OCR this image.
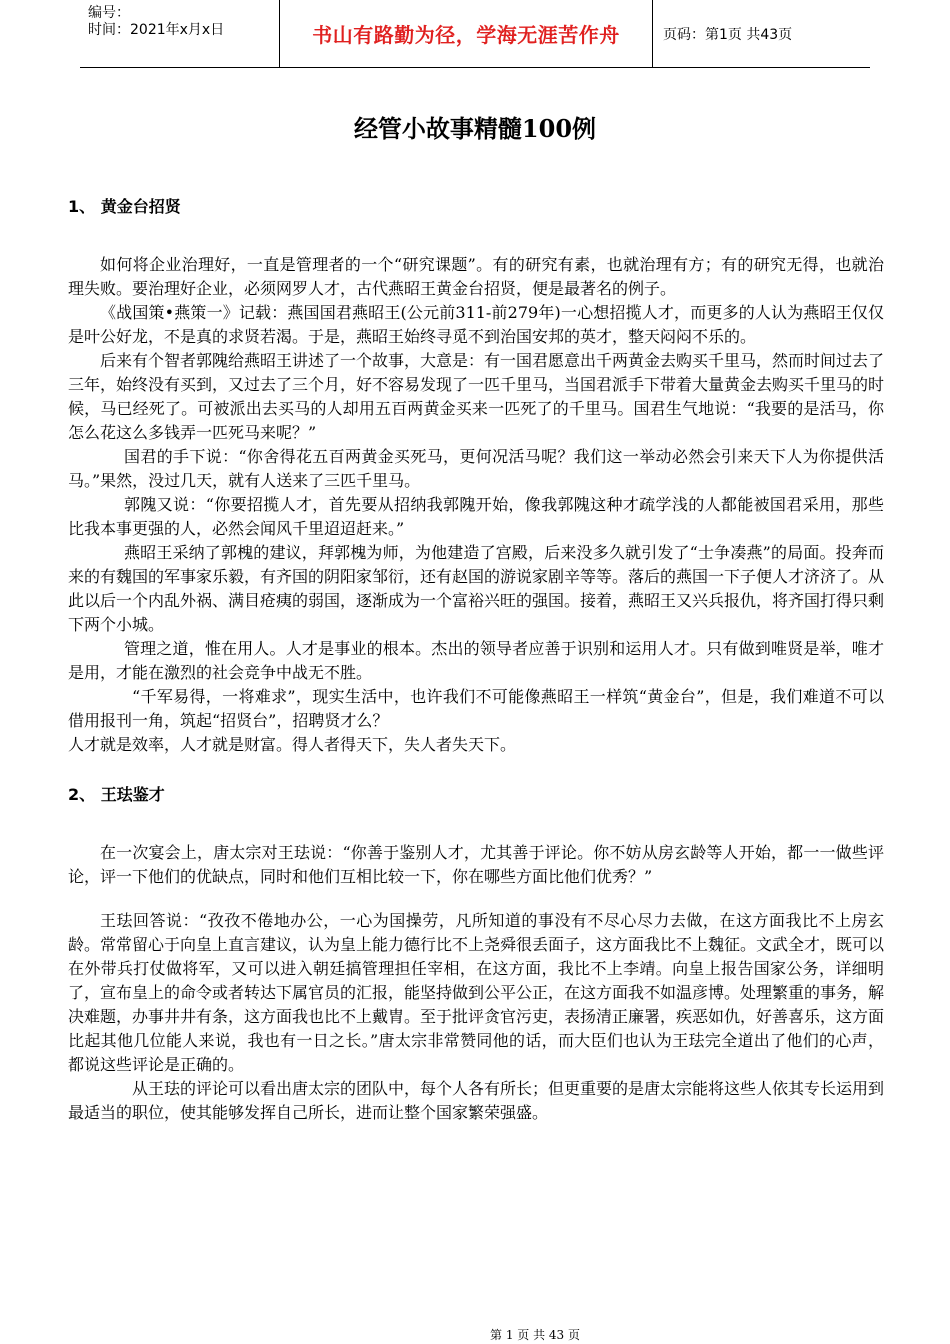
编号：
时间：2021年x月x日	书山有路勤为径，学海无涯苦作舟	页码：第1页 共43页
经管小故事精髓100例

1、 黄金台招贤

如何将企业治理好，一直是管理者的一个“研究课题”。有的研究有素，也就治理有方；有的研究无得，也就治理失败。要治理好企业，必须网罗人才，古代燕昭王黄金台招贤，便是最著名的例子。

《战国策•燕策一》记载：燕国国君燕昭王(公元前311-前279年)一心想招揽人才，而更多的人认为燕昭王仅仅是叶公好龙，不是真的求贤若渴。于是，燕昭王始终寻觅不到治国安邦的英才，整天闷闷不乐的。

后来有个智者郭隗给燕昭王讲述了一个故事，大意是：有一国君愿意出千两黄金去购买千里马，然而时间过去了三年，始终没有买到，又过去了三个月，好不容易发现了一匹千里马，当国君派手下带着大量黄金去购买千里马的时候，马已经死了。可被派出去买马的人却用五百两黄金买来一匹死了的千里马。国君生气地说：“我要的是活马，你怎么花这么多钱弄一匹死马来呢？”

国君的手下说：“你舍得花五百两黄金买死马，更何况活马呢？我们这一举动必然会引来天下人为你提供活马。”果然，没过几天，就有人送来了三匹千里马。

郭隗又说：“你要招揽人才，首先要从招纳我郭隗开始，像我郭隗这种才疏学浅的人都能被国君采用，那些比我本事更强的人，必然会闻风千里迢迢赶来。”

燕昭王采纳了郭槐的建议，拜郭槐为师，为他建造了宫殿，后来没多久就引发了“士争凑燕”的局面。投奔而来的有魏国的军事家乐毅，有齐国的阴阳家邹衍，还有赵国的游说家剧辛等等。落后的燕国一下子便人才济济了。从此以后一个内乱外祸、满目疮痍的弱国，逐渐成为一个富裕兴旺的强国。接着，燕昭王又兴兵报仇，将齐国打得只剩下两个小城。

管理之道，惟在用人。人才是事业的根本。杰出的领导者应善于识别和运用人才。只有做到唯贤是举，唯才是用，才能在激烈的社会竞争中战无不胜。

“千军易得，一将难求”，现实生活中，也许我们不可能像燕昭王一样筑“黄金台”，但是，我们难道不可以借用报刊一角，筑起“招贤台”，招聘贤才么？

人才就是效率，人才就是财富。得人者得天下，失人者失天下。

2、 王珐鉴才

在一次宴会上，唐太宗对王珐说：“你善于鉴别人才，尤其善于评论。你不妨从房玄龄等人开始，都一一做些评论，评一下他们的优缺点，同时和他们互相比较一下，你在哪些方面比他们优秀？”

王珐回答说：“孜孜不倦地办公，一心为国操劳，凡所知道的事没有不尽心尽力去做，在这方面我比不上房玄龄。常常留心于向皇上直言建议，认为皇上能力德行比不上尧舜很丢面子，这方面我比不上魏征。文武全才，既可以在外带兵打仗做将军，又可以进入朝廷搞管理担任宰相，在这方面，我比不上李靖。向皇上报告国家公务，详细明了，宣布皇上的命令或者转达下属官员的汇报，能坚持做到公平公正，在这方面我不如温彦博。处理繁重的事务，解决难题，办事井井有条，这方面我也比不上戴胄。至于批评贪官污吏，表扬清正廉署，疾恶如仇，好善喜乐，这方面比起其他几位能人来说，我也有一日之长。”唐太宗非常赞同他的话，而大臣们也认为王珐完全道出了他们的心声，都说这些评论是正确的。

从王珐的评论可以看出唐太宗的团队中，每个人各有所长；但更重要的是唐太宗能将这些人依其专长运用到最适当的职位，使其能够发挥自己所长，进而让整个国家繁荣强盛。

第 1 页 共 43 页
